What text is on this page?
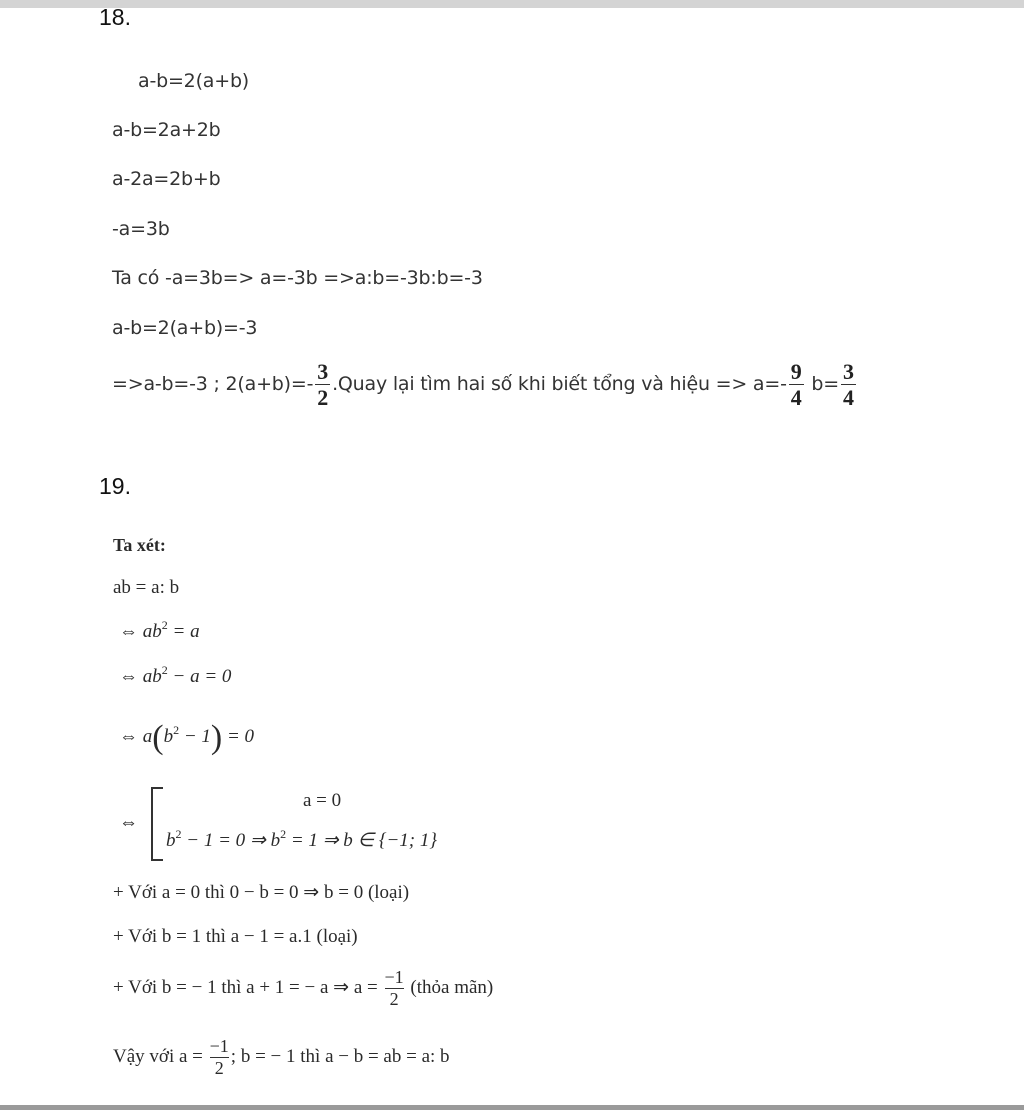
18.
a-b=2(a+b)
a-b=2a+2b
a-2a=2b+b
-a=3b
Ta có -a=3b=> a=-3b =>a:b=-3b:b=-3
a-b=2(a+b)=-3
=>a-b=-3 ; $2(a+b)=- \frac{3}{2}$ .Quay lại tìm hai số khi biết tổng và hiệu => $a=- \frac{9}{4} b= \frac{3}{4}$
19.
Ta xét:
ab = a: b
⇔ $ab^2 = a$
⇔ $ab^2 - a = 0$
⇔ $a(b^2 - 1) = 0$
⇔
a = 0
$b^2 - 1 = 0$ ⇒ $b^2 = 1$ ⇒ b ∈ {−1; 1}
+ Với a = 0 thì 0 − b = 0 ⇒ b = 0 (loại)
+ Với b = 1 thì a − 1 = a.1 (loại)
+ Với b = − 1 thì a + 1 = − a ⇒ $a = \frac{-1}{2}$ (thỏa mãn)
Vậy với $a = \frac{-1}{2}$ ; b = − 1 thì a − b = ab = a: b
